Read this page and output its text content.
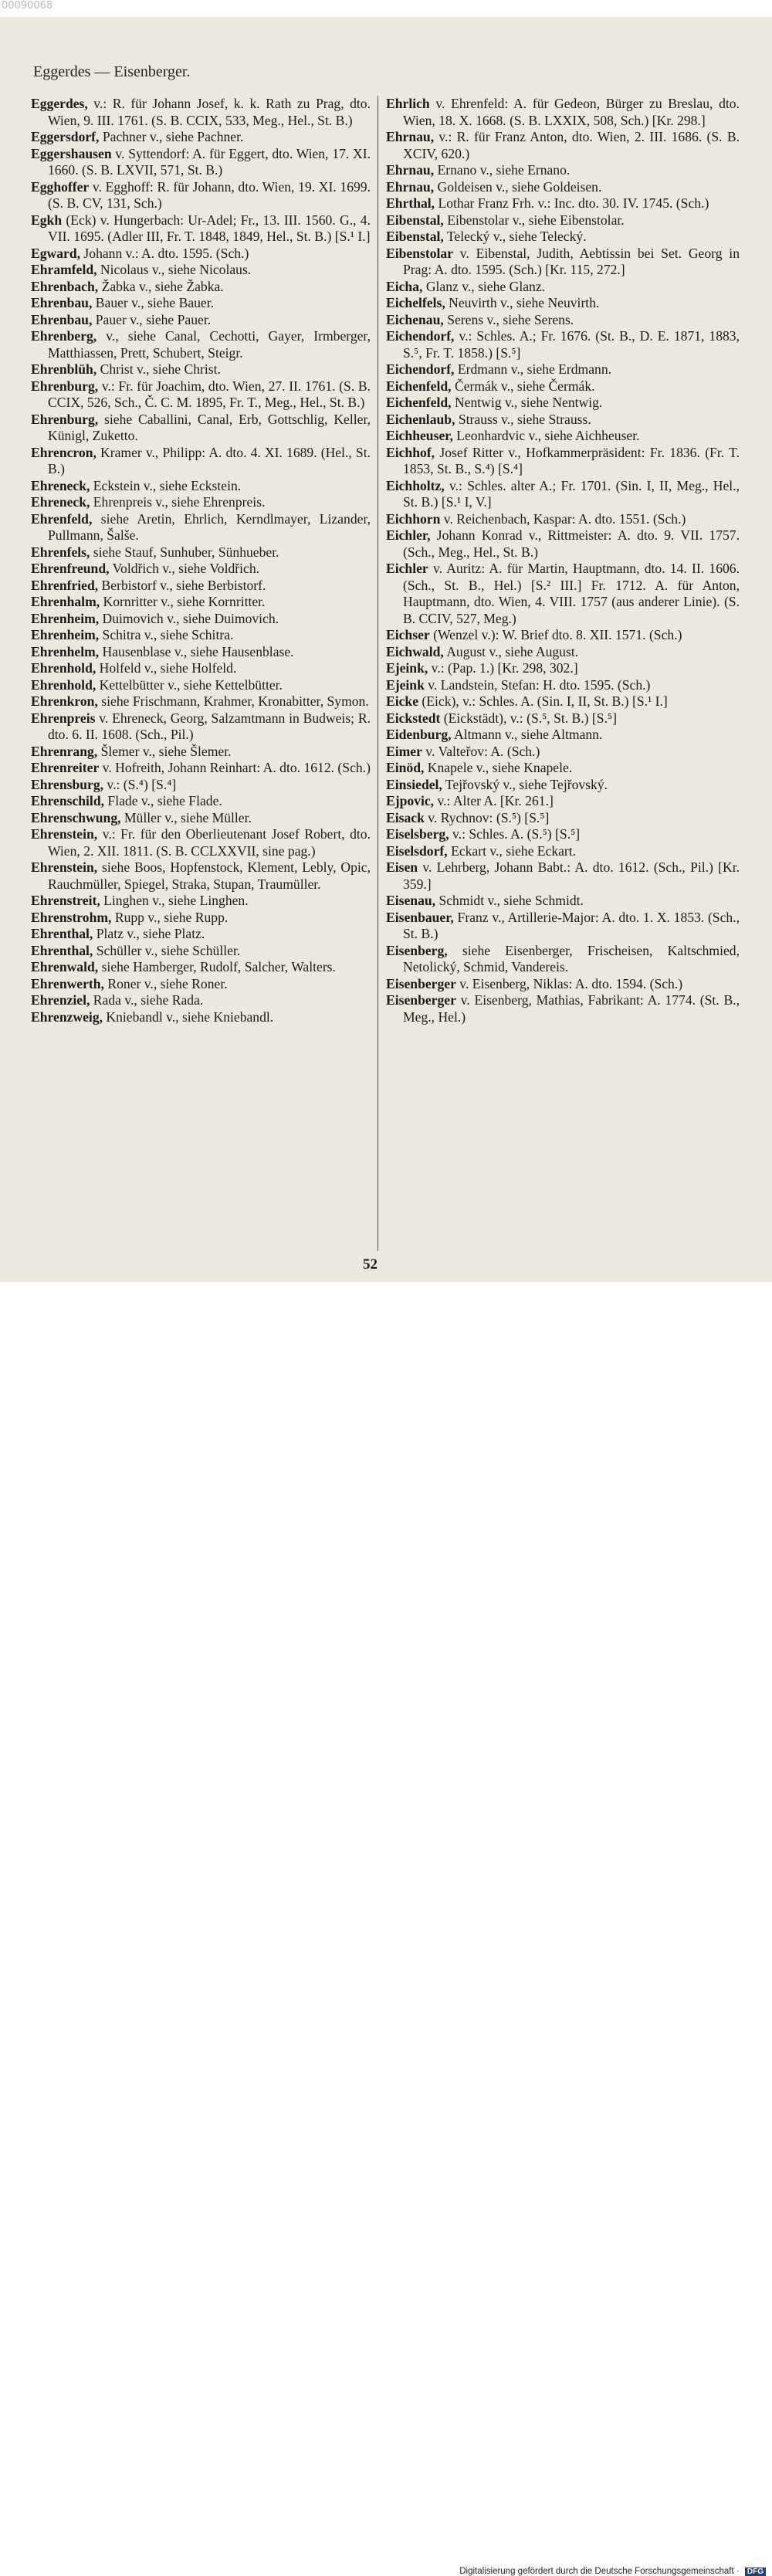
00090068
Eggerdes — Eisenberger.

Eggerdes, v.: R. für Johann Josef, k. k. Rath zu Prag, dto. Wien, 9. III. 1761. (S. B. CCIX, 533, Meg., Hel., St. B.)

Eggersdorf, Pachner v., siehe Pachner.

Eggershausen v. Syttendorf: A. für Eggert, dto. Wien, 17. XI. 1660. (S. B. LXVII, 571, St. B.)

Egghoffer v. Egghoff: R. für Johann, dto. Wien, 19. XI. 1699. (S. B. CV, 131, Sch.)

Egkh (Eck) v. Hungerbach: Ur-Adel; Fr., 13. III. 1560. G., 4. VII. 1695. (Adler III, Fr. T. 1848, 1849, Hel., St. B.) [S.¹ I.]

Egward, Johann v.: A. dto. 1595. (Sch.)

Ehramfeld, Nicolaus v., siehe Nicolaus.

Ehrenbach, Žabka v., siehe Žabka.

Ehrenbau, Bauer v., siehe Bauer.

Ehrenbau, Pauer v., siehe Pauer.

Ehrenberg, v., siehe Canal, Cechotti, Gayer, Irmberger, Matthiassen, Prett, Schubert, Steigr.

Ehrenblüh, Christ v., siehe Christ.

Ehrenburg, v.: Fr. für Joachim, dto. Wien, 27. II. 1761. (S. B. CCIX, 526, Sch., Č. C. M. 1895, Fr. T., Meg., Hel., St. B.)

Ehrenburg, siehe Caballini, Canal, Erb, Gottschlig, Keller, Künigl, Zuketto.

Ehrencron, Kramer v., Philipp: A. dto. 4. XI. 1689. (Hel., St. B.)

Ehreneck, Eckstein v., siehe Eckstein.

Ehreneck, Ehrenpreis v., siehe Ehrenpreis.

Ehrenfeld, siehe Aretin, Ehrlich, Kerndlmayer, Lizander, Pullmann, Šalše.

Ehrenfels, siehe Stauf, Sunhuber, Sünhueber.

Ehrenfreund, Voldřich v., siehe Voldřich.

Ehrenfried, Berbistorf v., siehe Berbistorf.

Ehrenhalm, Kornritter v., siehe Kornritter.

Ehrenheim, Duimovich v., siehe Duimovich.

Ehrenheim, Schitra v., siehe Schitra.

Ehrenhelm, Hausenblase v., siehe Hausenblase.

Ehrenhold, Holfeld v., siehe Holfeld.

Ehrenhold, Kettelbütter v., siehe Kettelbütter.

Ehrenkron, siehe Frischmann, Krahmer, Kronabitter, Symon.

Ehrenpreis v. Ehreneck, Georg, Salzamtmann in Budweis; R. dto. 6. II. 1608. (Sch., Pil.)

Ehrenrang, Šlemer v., siehe Šlemer.

Ehrenreiter v. Hofreith, Johann Reinhart: A. dto. 1612. (Sch.)

Ehrensburg, v.: (S.⁴) [S.⁴]

Ehrenschild, Flade v., siehe Flade.

Ehrenschwung, Müller v., siehe Müller.

Ehrenstein, v.: Fr. für den Oberlieutenant Josef Robert, dto. Wien, 2. XII. 1811. (S. B. CCLXXVII, sine pag.)

Ehrenstein, siehe Boos, Hopfenstock, Klement, Lebly, Opic, Rauchmüller, Spiegel, Straka, Stupan, Traumüller.

Ehrenstreit, Linghen v., siehe Linghen.

Ehrenstrohm, Rupp v., siehe Rupp.

Ehrenthal, Platz v., siehe Platz.

Ehrenthal, Schüller v., siehe Schüller.

Ehrenwald, siehe Hamberger, Rudolf, Salcher, Walters.

Ehrenwerth, Roner v., siehe Roner.

Ehrenziel, Rada v., siehe Rada.

Ehrenzweig, Kniebandl v., siehe Kniebandl.

Ehrlich v. Ehrenfeld: A. für Gedeon, Bürger zu Breslau, dto. Wien, 18. X. 1668. (S. B. LXXIX, 508, Sch.) [Kr. 298.]

Ehrnau, v.: R. für Franz Anton, dto. Wien, 2. III. 1686. (S. B. XCIV, 620.)

Ehrnau, Ernano v., siehe Ernano.

Ehrnau, Goldeisen v., siehe Goldeisen.

Ehrthal, Lothar Franz Frh. v.: Inc. dto. 30. IV. 1745. (Sch.)

Eibenstal, Eibenstolar v., siehe Eibenstolar.

Eibenstal, Telecký v., siehe Telecký.

Eibenstolar v. Eibenstal, Judith, Aebtissin bei Set. Georg in Prag: A. dto. 1595. (Sch.) [Kr. 115, 272.]

Eicha, Glanz v., siehe Glanz.

Eichelfels, Neuvirth v., siehe Neuvirth.

Eichenau, Serens v., siehe Serens.

Eichendorf, v.: Schles. A.; Fr. 1676. (St. B., D. E. 1871, 1883, S.⁵, Fr. T. 1858.) [S.⁵]

Eichendorf, Erdmann v., siehe Erdmann.

Eichenfeld, Čermák v., siehe Čermák.

Eichenfeld, Nentwig v., siehe Nentwig.

Eichenlaub, Strauss v., siehe Strauss.

Eichheuser, Leonhardvic v., siehe Aichheuser.

Eichhof, Josef Ritter v., Hofkammerpräsident: Fr. 1836. (Fr. T. 1853, St. B., S.⁴) [S.⁴]

Eichholtz, v.: Schles. alter A.; Fr. 1701. (Sin. I, II, Meg., Hel., St. B.) [S.¹ I, V.]

Eichhorn v. Reichenbach, Kaspar: A. dto. 1551. (Sch.)

Eichler, Johann Konrad v., Rittmeister: A. dto. 9. VII. 1757. (Sch., Meg., Hel., St. B.)

Eichler v. Auritz: A. für Martin, Hauptmann, dto. 14. II. 1606. (Sch., St. B., Hel.) [S.² III.] Fr. 1712. A. für Anton, Hauptmann, dto. Wien, 4. VIII. 1757 (aus anderer Linie). (S. B. CCIV, 527, Meg.)

Eichser (Wenzel v.): W. Brief dto. 8. XII. 1571. (Sch.)

Eichwald, August v., siehe August.

Ejeink, v.: (Pap. 1.) [Kr. 298, 302.]

Ejeink v. Landstein, Stefan: H. dto. 1595. (Sch.)

Eicke (Eick), v.: Schles. A. (Sin. I, II, St. B.) [S.¹ I.]

Eickstedt (Eickstädt), v.: (S.⁵, St. B.) [S.⁵]

Eidenburg, Altmann v., siehe Altmann.

Eimer v. Valteřov: A. (Sch.)

Einöd, Knapele v., siehe Knapele.

Einsiedel, Tejřovský v., siehe Tejřovský.

Ejpovic, v.: Alter A. [Kr. 261.]

Eisack v. Rychnov: (S.⁵) [S.⁵]

Eiselsberg, v.: Schles. A. (S.⁵) [S.⁵]

Eiselsdorf, Eckart v., siehe Eckart.

Eisen v. Lehrberg, Johann Babt.: A. dto. 1612. (Sch., Pil.) [Kr. 359.]

Eisenau, Schmidt v., siehe Schmidt.

Eisenbauer, Franz v., Artillerie-Major: A. dto. 1. X. 1853. (Sch., St. B.)

Eisenberg, siehe Eisenberger, Frischeisen, Kaltschmied, Netolický, Schmid, Vandereis.

Eisenberger v. Eisenberg, Niklas: A. dto. 1594. (Sch.)

Eisenberger v. Eisenberg, Mathias, Fabrikant: A. 1774. (St. B., Meg., Hel.)

52
Digitalisierung gefördert durch die Deutsche Forschungsgemeinschaft · DFG
